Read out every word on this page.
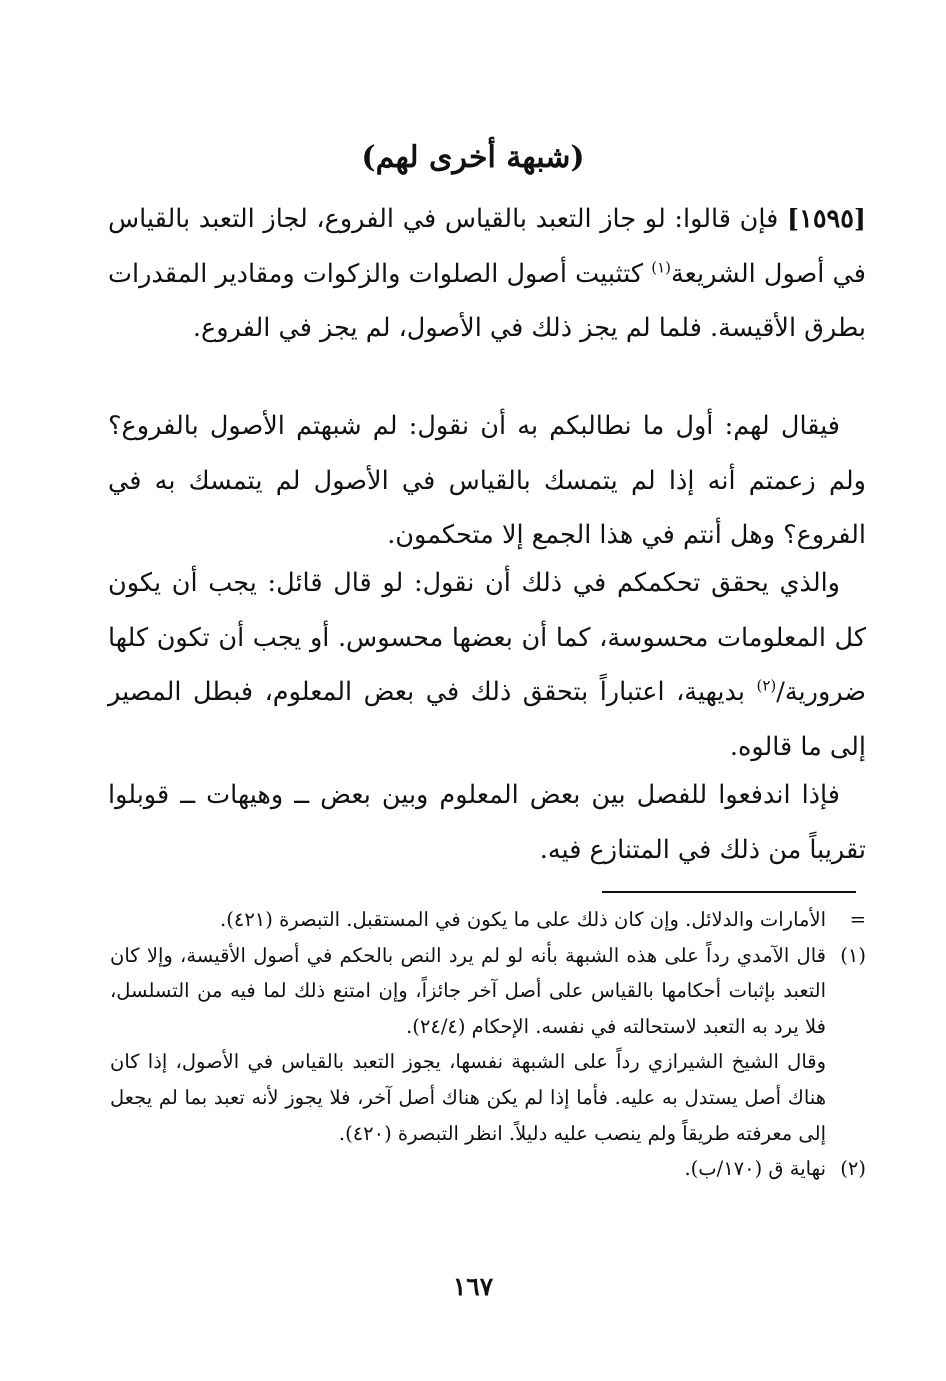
(شبهة أخرى لهم)

[١٥٩٥] فإن قالوا: لو جاز التعبد بالقياس في الفروع، لجاز التعبد بالقياس في أصول الشريعة$^{(١)}$ كتثبيت أصول الصلوات والزكوات ومقادير المقدرات بطرق الأقيسة. فلما لم يجز ذلك في الأصول، لم يجز في الفروع.

فيقال لهم: أول ما نطالبكم به أن نقول: لم شبهتم الأصول بالفروع؟ ولم زعمتم أنه إذا لم يتمسك بالقياس في الأصول لم يتمسك به في الفروع؟ وهل أنتم في هذا الجمع إلا متحكمون.

والذي يحقق تحكمكم في ذلك أن نقول: لو قال قائل: يجب أن يكون كل المعلومات محسوسة، كما أن بعضها محسوس. أو يجب أن تكون كلها ضرورية/$^{(٢)}$ بديهية، اعتباراً بتحقق ذلك في بعض المعلوم، فبطل المصير إلى ما قالوه.

فإذا اندفعوا للفصل بين بعض المعلوم وبين بعض ــ وهيهات ــ قوبلوا تقريباً من ذلك في المتنازع فيه.

=
الأمارات والدلائل. وإن كان ذلك على ما يكون في المستقبل. التبصرة (٤٢١).
(١)
قال الآمدي رداً على هذه الشبهة بأنه لو لم يرد النص بالحكم في أصول الأقيسة، وإلا كان التعبد بإثبات أحكامها بالقياس على أصل آخر جائزاً، وإن امتنع ذلك لما فيه من التسلسل، فلا يرد به التعبد لاستحالته في نفسه. الإحكام (٢٤/٤).
وقال الشيخ الشيرازي رداً على الشبهة نفسها، يجوز التعبد بالقياس في الأصول، إذا كان هناك أصل يستدل به عليه. فأما إذا لم يكن هناك أصل آخر، فلا يجوز لأنه تعبد بما لم يجعل إلى معرفته طريقاً ولم ينصب عليه دليلاً. انظر التبصرة (٤٢٠).
(٢)
نهاية ق (١٧٠/ب).
١٦٧
